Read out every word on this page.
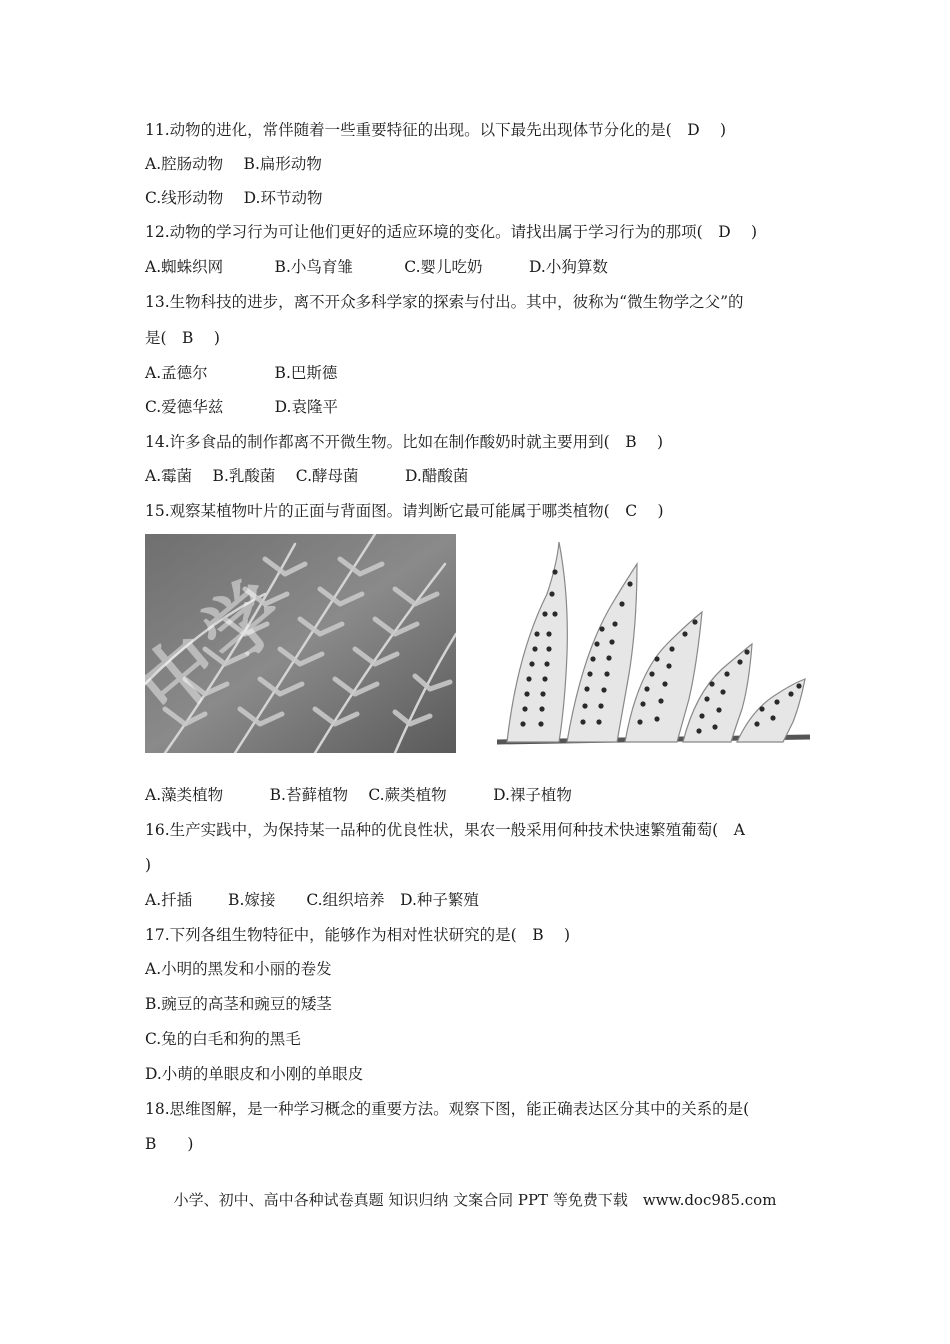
11.动物的进化，常伴随着一些重要特征的出现。以下最先出现体节分化的是(　D　 )
A.腔肠动物　 B.扁形动物
C.线形动物　 D.环节动物
12.动物的学习行为可让他们更好的适应环境的变化。请找出属于学习行为的那项(　D　 )
A.蜘蛛织网　　　 B.小鸟育雏　　　 C.婴儿吃奶　　　D.小狗算数
13.生物科技的进步，离不开众多科学家的探索与付出。其中，彼称为“微生物学之父”的
是(　B　 )
A.孟德尔　　　　 B.巴斯德
C.爱德华兹　　　 D.袁隆平
14.许多食品的制作都离不开微生物。比如在制作酸奶时就主要用到(　B　 )
A.霉菌　 B.乳酸菌　 C.酵母菌　　　D.醋酸菌
15.观察某植物叶片的正面与背面图。请判断它最可能属于哪类植物(　C　 )
中学
A.藻类植物　　　B.苔藓植物　 C.蕨类植物　　　D.裸子植物
16.生产实践中，为保持某一品种的优良性状，果农一般采用何种技术快速繁殖葡萄(　A
)
A.扦插　　 B.嫁接　　C.组织培养　D.种子繁殖
17.下列各组生物特征中，能够作为相对性状研究的是(　B　 )
A.小明的黑发和小丽的卷发
B.豌豆的高茎和豌豆的矮茎
C.兔的白毛和狗的黑毛
D.小萌的单眼皮和小刚的单眼皮
18.思维图解，是一种学习概念的重要方法。观察下图，能正确表达区分其中的关系的是(
B　　)
小学、初中、高中各种试卷真题 知识归纳 文案合同 PPT 等免费下载　www.doc985.com
